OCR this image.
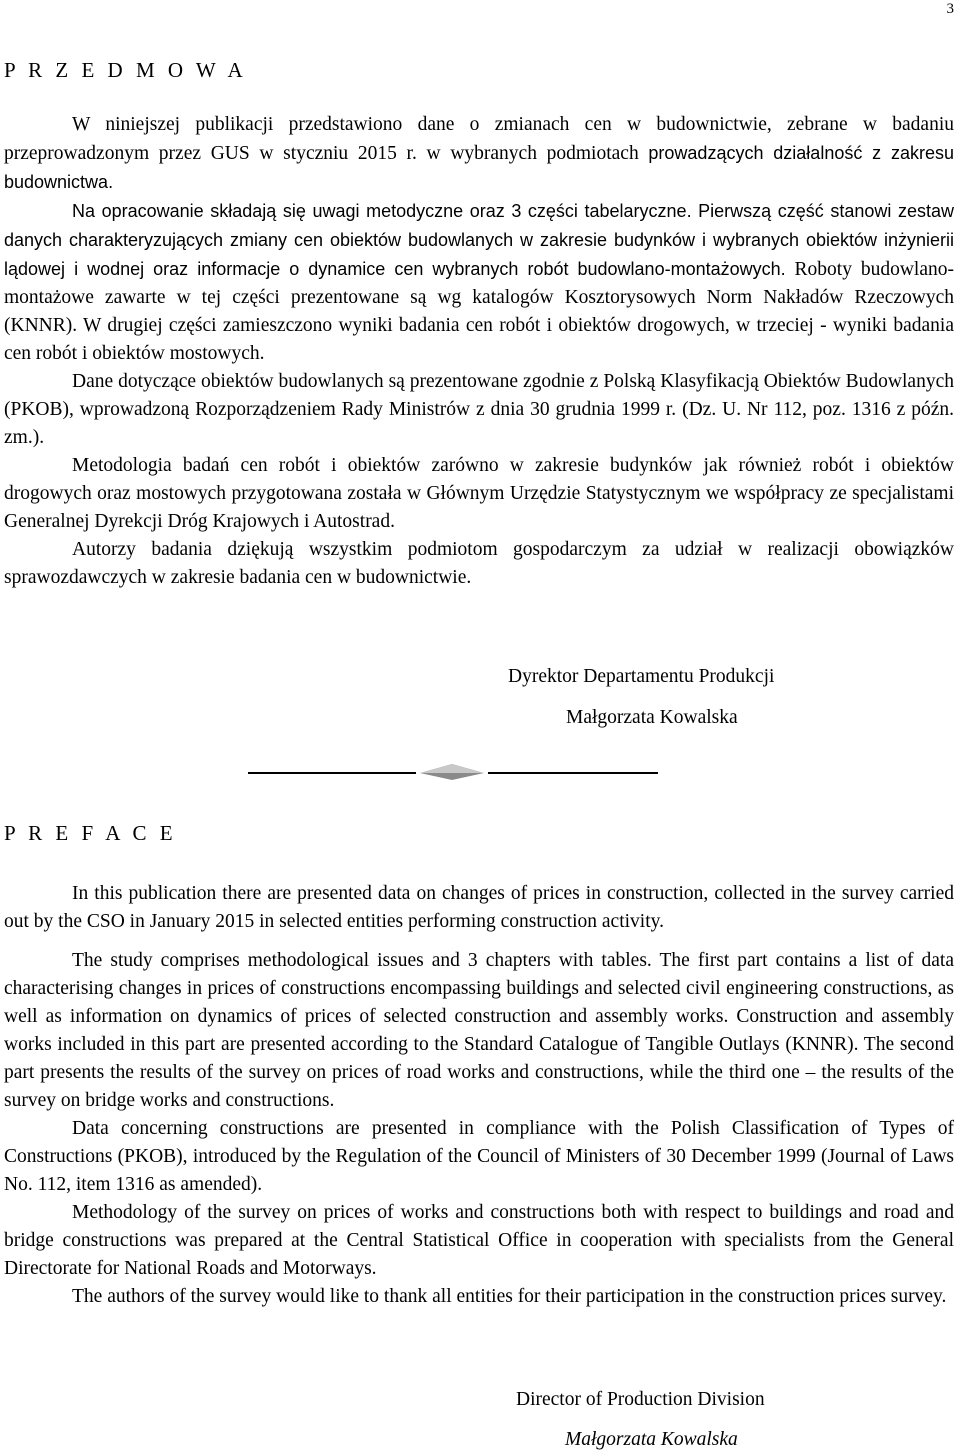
3
P R Z E D M O W A

W niniejszej publikacji przedstawiono dane o zmianach cen w budownictwie, zebrane w badaniu przeprowadzonym przez GUS w styczniu 2015 r. w wybranych podmiotach prowadzących działalność z zakresu budownictwa.

Na opracowanie składają się uwagi metodyczne oraz 3 części tabelaryczne. Pierwszą część stanowi zestaw danych charakteryzujących zmiany cen obiektów budowlanych w zakresie budynków i wybranych obiektów inżynierii lądowej i wodnej oraz informacje o dynamice cen wybranych robót budowlano-montażowych. Roboty budowlano-montażowe zawarte w tej części prezentowane są wg katalogów Kosztorysowych Norm Nakładów Rzeczowych (KNNR). W drugiej części zamieszczono wyniki badania cen robót i obiektów drogowych, w trzeciej - wyniki badania cen robót i obiektów mostowych.

Dane dotyczące obiektów budowlanych są prezentowane zgodnie z Polską Klasyfikacją Obiektów Budowlanych (PKOB), wprowadzoną Rozporządzeniem Rady Ministrów z dnia 30 grudnia 1999 r. (Dz. U. Nr 112, poz. 1316 z późn. zm.).

Metodologia badań cen robót i obiektów zarówno w zakresie budynków jak również robót i obiektów drogowych oraz mostowych przygotowana została w Głównym Urzędzie Statystycznym we współpracy ze specjalistami Generalnej Dyrekcji Dróg Krajowych i Autostrad.

Autorzy badania dziękują wszystkim podmiotom gospodarczym za udział w realizacji obowiązków sprawozdawczych w zakresie badania cen w budownictwie.

Dyrektor Departamentu Produkcji
Małgorzata Kowalska
P R E F A C E

In this publication there are presented data on changes of prices in construction, collected in the survey carried out by the CSO in January 2015 in selected entities performing construction activity.

The study comprises methodological issues and 3 chapters with tables. The first part contains a list of data characterising changes in prices of constructions encompassing buildings and selected civil engineering constructions, as well as information on dynamics of prices of selected construction and assembly works. Construction and assembly works included in this part are presented according to the Standard Catalogue of Tangible Outlays (KNNR). The second part presents the results of the survey on prices of road works and constructions, while the third one – the results of the survey on bridge works and constructions.

Data concerning constructions are presented in compliance with the Polish Classification of Types of Constructions (PKOB), introduced by the Regulation of the Council of Ministers of 30 December 1999 (Journal of Laws No. 112, item 1316 as amended).

Methodology of the survey on prices of works and constructions both with respect to buildings and road and bridge constructions was prepared at the Central Statistical Office in cooperation with specialists from the General Directorate for National Roads and Motorways.

The authors of the survey would like to thank all entities for their participation in the construction prices survey.

Director of Production Division
Małgorzata Kowalska
